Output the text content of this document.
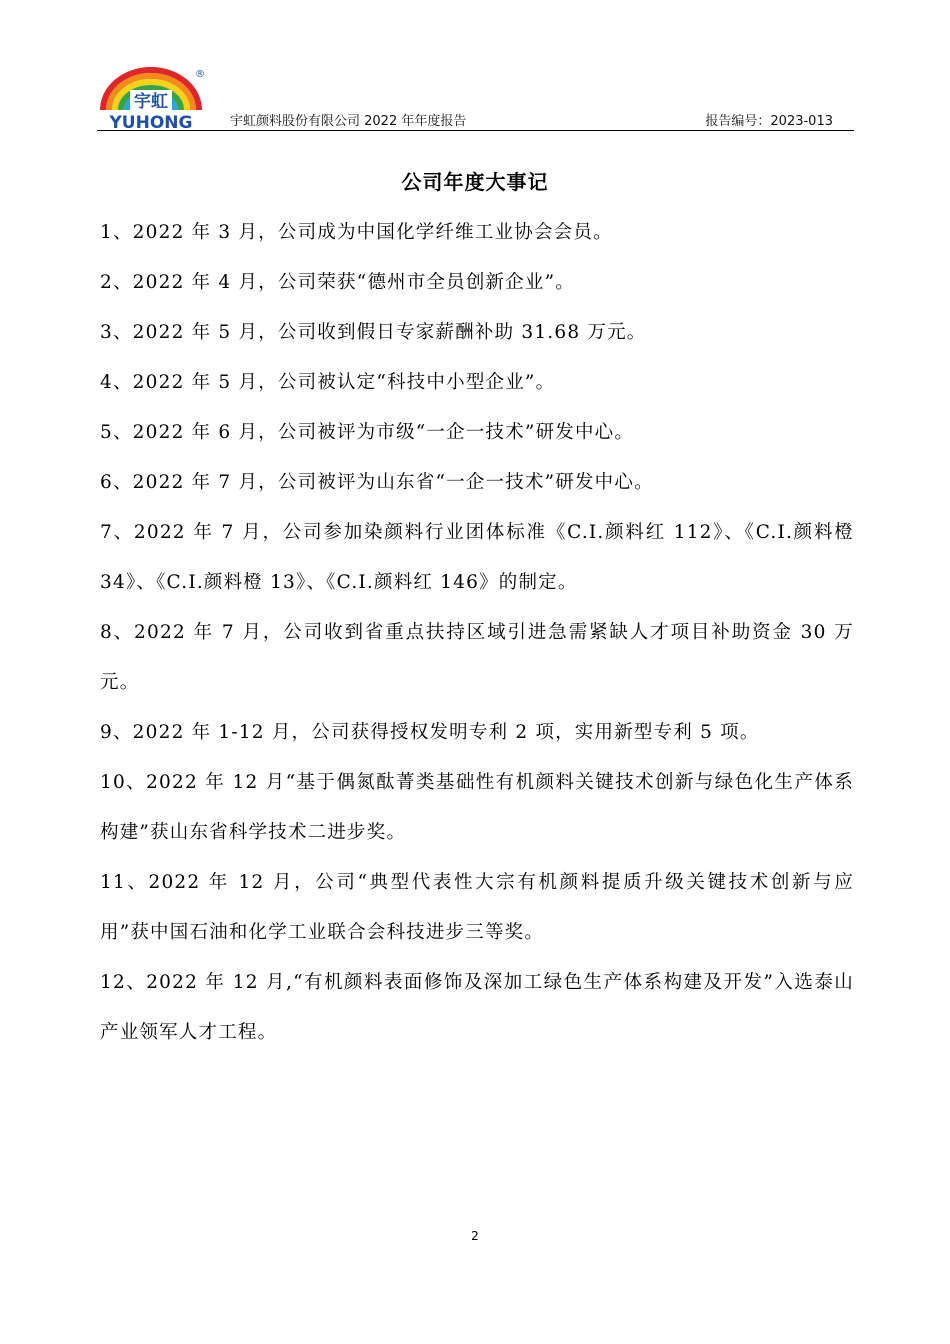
宇虹
YUHONG
®
宇虹颜料股份有限公司 2022 年年度报告	报告编号：2023-013
公司年度大事记
1、2022 年 3 月，公司成为中国化学纤维工业协会会员。
2、2022 年 4 月，公司荣获“德州市全员创新企业”。
3、2022 年 5 月，公司收到假日专家薪酬补助 31.68 万元。
4、2022 年 5 月，公司被认定“科技中小型企业”。
5、2022 年 6 月，公司被评为市级“一企一技术”研发中心。
6、2022 年 7 月，公司被评为山东省“一企一技术”研发中心。
7、2022 年 7 月，公司参加染颜料行业团体标准《C.I.颜料红 112》、《C.I.颜料橙 34》、《C.I.颜料橙 13》、《C.I.颜料红 146》的制定。
8、2022 年 7 月，公司收到省重点扶持区域引进急需紧缺人才项目补助资金 30 万元。
9、2022 年 1-12 月，公司获得授权发明专利 2 项，实用新型专利 5 项。
10、2022 年 12 月“基于偶氮酞菁类基础性有机颜料关键技术创新与绿色化生产体系构建”获山东省科学技术二进步奖。
11、2022 年 12 月，公司“典型代表性大宗有机颜料提质升级关键技术创新与应用”获中国石油和化学工业联合会科技进步三等奖。
12、2022 年 12 月,“有机颜料表面修饰及深加工绿色生产体系构建及开发”入选泰山产业领军人才工程。
2
